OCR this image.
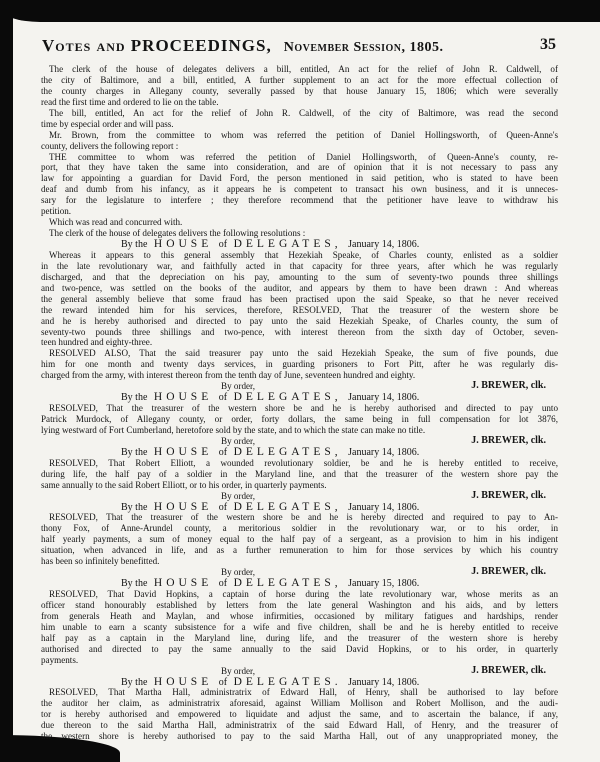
Votes and PROCEEDINGS, November Session, 1805.	35
The clerk of the house of delegates delivers a bill, entitled, An act for the relief of John R. Caldwell, of
the city of Baltimore, and a bill, entitled, A further supplement to an act for the more effectual collection of
the county charges in Allegany county, severally passed by that house January 15, 1806; which were severally
read the first time and ordered to lie on the table.
The bill, entitled, An act for the relief of John R. Caldwell, of the city of Baltimore, was read the second
time by especial order and will pass.
Mr. Brown, from the committee to whom was referred the petition of Daniel Hollingsworth, of Queen-Anne's
county, delivers the following report :
THE committee to whom was referred the petition of Daniel Hollingsworth, of Queen-Anne's county, re-
port, that they have taken the same into consideration, and are of opinion that it is not necessary to pass any
law for appointing a guardian for David Ford, the person mentioned in said petition, who is stated to have been
deaf and dumb from his infancy, as it appears he is competent to transact his own business, and it is unneces-
sary for the legislature to interfere ; they therefore recommend that the petitioner have leave to withdraw his
petition.
Which was read and concurred with.
The clerk of the house of delegates delivers the following resolutions :
By the HOUSE of DELEGATES, January 14, 1806.
Whereas it appears to this general assembly that Hezekiah Speake, of Charles county, enlisted as a soldier
in the late revolutionary war, and faithfully acted in that capacity for three years, after which he was regularly
discharged, and that the depreciation on his pay, amounting to the sum of seventy-two pounds three shillings
and two-pence, was settled on the books of the auditor, and appears by them to have been drawn : And whereas
the general assembly believe that some fraud has been practised upon the said Speake, so that he never received
the reward intended him for his services, therefore, RESOLVED, That the treasurer of the western shore be
and he is hereby authorised and directed to pay unto the said Hezekiah Speake, of Charles county, the sum of
seventy-two pounds three shillings and two-pence, with interest thereon from the sixth day of October, seven-
teen hundred and eighty-three.
RESOLVED ALSO, That the said treasurer pay unto the said Hezekiah Speake, the sum of five pounds, due
him for one month and twenty days services, in guarding prisoners to Fort Pitt, after he was regularly dis-
charged from the army, with interest thereon from the tenth day of June, seventeen hundred and eighty.
By order,	J. BREWER, clk.
By the HOUSE of DELEGATES, January 14, 1806.
RESOLVED, That the treasurer of the western shore be and he is hereby authorised and directed to pay unto
Patrick Murdock, of Allegany county, or order, forty dollars, the same being in full compensation for lot 3876,
lying westward of Fort Cumberland, heretofore sold by the state, and to which the state can make no title.
By order,	J. BREWER, clk.
By the HOUSE of DELEGATES, January 14, 1806.
RESOLVED, That Robert Elliott, a wounded revolutionary soldier, be and he is hereby entitled to receive,
during life, the half pay of a soldier in the Maryland line, and that the treasurer of the western shore pay the
same annually to the said Robert Elliott, or to his order, in quarterly payments.
By order,	J. BREWER, clk.
By the HOUSE of DELEGATES, January 14, 1806.
RESOLVED, That the treasurer of the western shore be and he is hereby directed and required to pay to An-
thony Fox, of Anne-Arundel county, a meritorious soldier in the revolutionary war, or to his order, in
half yearly payments, a sum of money equal to the half pay of a sergeant, as a provision to him in his indigent
situation, when advanced in life, and as a further remuneration to him for those services by which his country
has been so infinitely benefitted.
By order,	J. BREWER, clk.
By the HOUSE of DELEGATES, January 15, 1806.
RESOLVED, That David Hopkins, a captain of horse during the late revolutionary war, whose merits as an
officer stand honourably established by letters from the late general Washington and his aids, and by letters
from generals Heath and Maylan, and whose infirmities, occasioned by military fatigues and hardships, render
him unable to earn a scanty subsistence for a wife and five children, shall be and he is hereby entitled to receive
half pay as a captain in the Maryland line, during life, and the treasurer of the western shore is hereby
authorised and directed to pay the same annually to the said David Hopkins, or to his order, in quarterly
payments.
By order,	J. BREWER, clk.
By the HOUSE of DELEGATES. January 14, 1806.
RESOLVED, That Martha Hall, administratrix of Edward Hall, of Henry, shall be authorised to lay before
the auditor her claim, as administratrix aforesaid, against William Mollison and Robert Mollison, and the audi-
tor is hereby authorised and empowered to liquidate and adjust the same, and to ascertain the balance, if any,
due thereon to the said Martha Hall, administratrix of the said Edward Hall, of Henry, and the treasurer of
the western shore is hereby authorised to pay to the said Martha Hall, out of any unappropriated money, the
